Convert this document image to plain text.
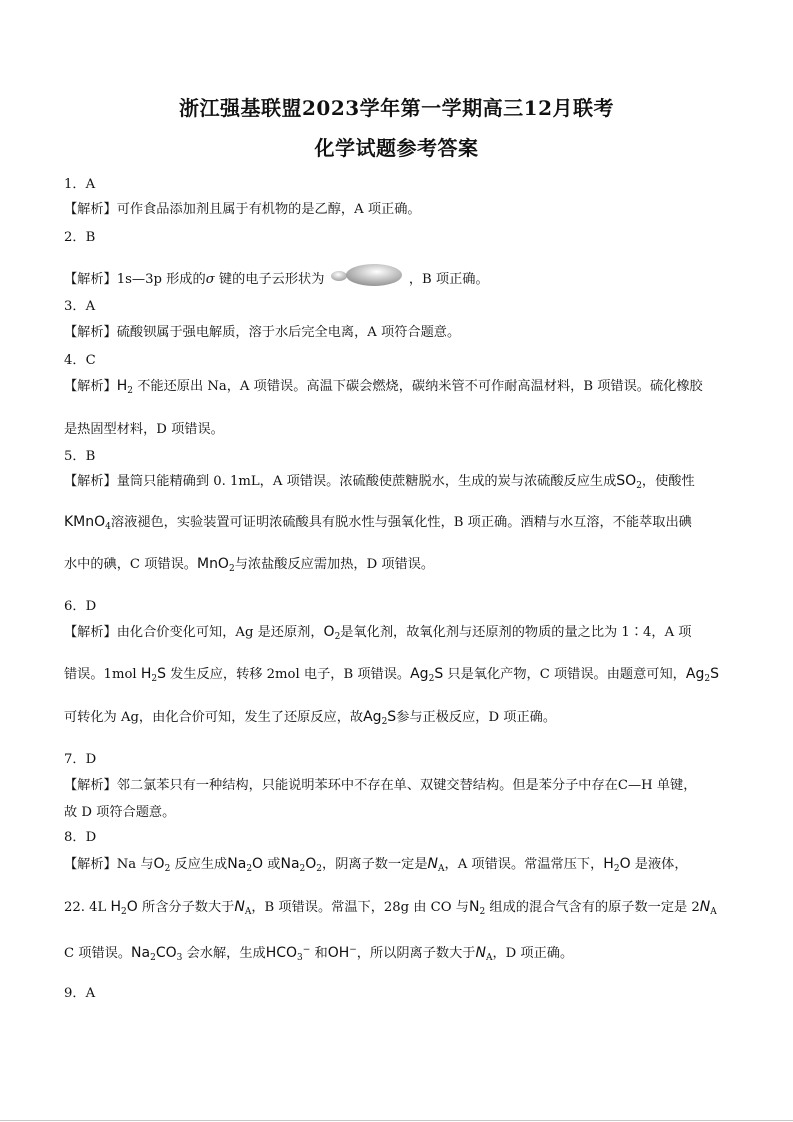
浙江强基联盟2023学年第一学期高三12月联考
化学试题参考答案
1．A
【解析】可作食品添加剂且属于有机物的是乙醇，A 项正确。
2．B
【解析】1s—3p 形成的σ 键的电子云形状为	，B 项正确。
3．A
【解析】硫酸钡属于强电解质，溶于水后完全电离，A 项符合题意。
4．C
【解析】$H_2$ 不能还原出 Na，A 项错误。高温下碳会燃烧，碳纳米管不可作耐高温材料，B 项错误。硫化橡胶
是热固型材料，D 项错误。
5．B
【解析】量筒只能精确到 0. 1mL，A 项错误。浓硫酸使蔗糖脱水，生成的炭与浓硫酸反应生成$SO_2$，使酸性
KMnO$_4$溶液褪色，实验装置可证明浓硫酸具有脱水性与强氧化性，B 项正确。酒精与水互溶，不能萃取出碘
水中的碘，C 项错误。MnO$_2$与浓盐酸反应需加热，D 项错误。
6．D
【解析】由化合价变化可知，Ag 是还原剂，$O_2$是氧化剂，故氧化剂与还原剂的物质的量之比为 1∶4，A 项
错误。1mol $H_2S$ 发生反应，转移 2mol 电子，B 项错误。$Ag_2S$ 只是氧化产物，C 项错误。由题意可知，$Ag_2S$
可转化为 Ag，由化合价可知，发生了还原反应，故$Ag_2S$参与正极反应，D 项正确。
7．D
【解析】邻二氯苯只有一种结构，只能说明苯环中不存在单、双键交替结构。但是苯分子中存在C—H 单键，
故 D 项符合题意。
8．D
【解析】Na 与$O_2$ 反应生成$Na_2O$ 或$Na_2O_2$，阴离子数一定是$N_A$，A 项错误。常温常压下，$H_2O$ 是液体，
22. 4L $H_2O$ 所含分子数大于$N_A$，B 项错误。常温下，28g 由 CO 与$N_2$ 组成的混合气含有的原子数一定是 $2N_A$
C 项错误。$Na_2CO_3$ 会水解，生成$HCO_3^-$ 和OH−，所以阴离子数大于$N_A$，D 项正确。
9．A
